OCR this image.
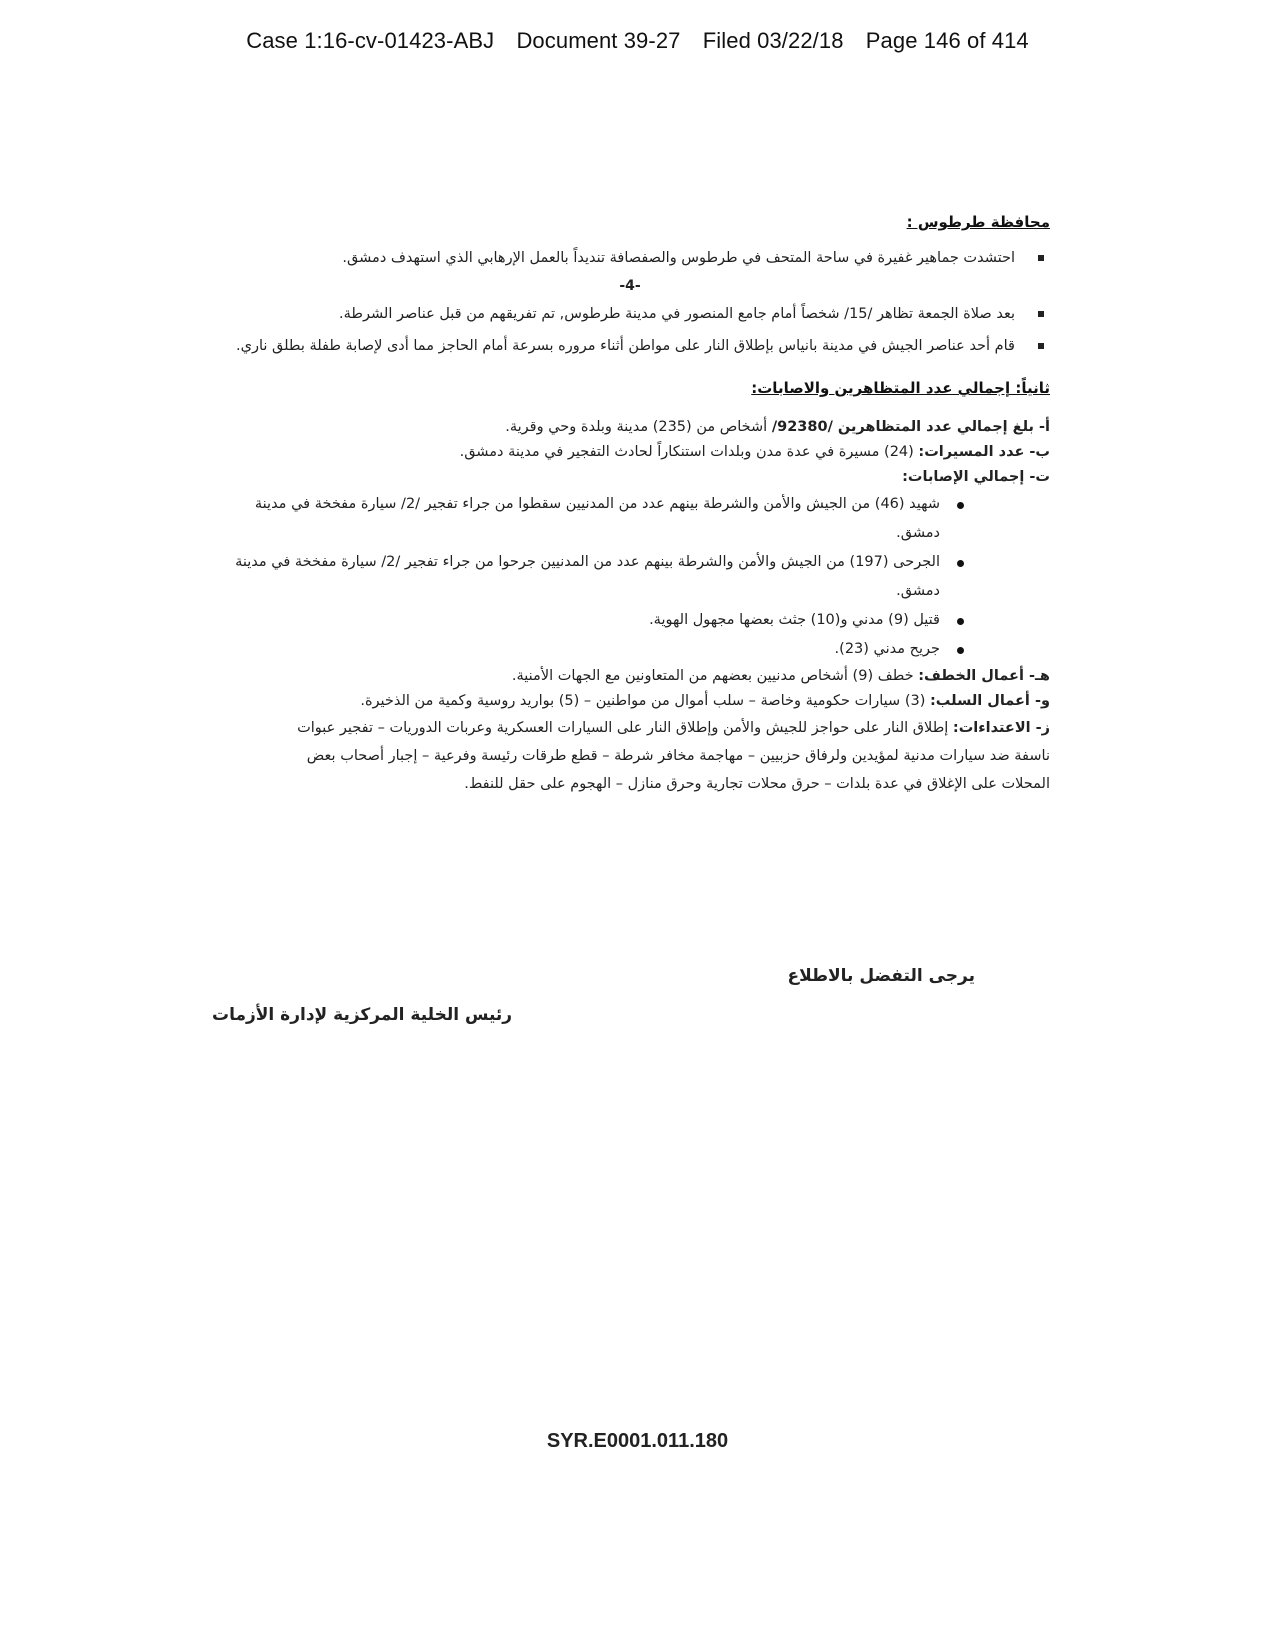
Case 1:16-cv-01423-ABJ Document 39-27 Filed 03/22/18 Page 146 of 414
محافظة طرطوس :
احتشدت جماهير غفيرة في ساحة المتحف في طرطوس والصفصافة تنديداً بالعمل الإرهابي الذي استهدف دمشق.
-4-
بعد صلاة الجمعة تظاهر /15/ شخصاً أمام جامع المنصور في مدينة طرطوس, تم تفريقهم من قبل عناصر الشرطة.
قام أحد عناصر الجيش في مدينة بانياس بإطلاق النار على مواطن أثناء مروره بسرعة أمام الحاجز مما أدى لإصابة طفلة بطلق ناري.
ثانياً: إجمالي عدد المتظاهرين والاصابات:
أ- بلغ إجمالي عدد المتظاهرين /92380/ أشخاص من (235) مدينة وبلدة وحي وقرية.
ب- عدد المسيرات: (24) مسيرة في عدة مدن وبلدات استنكاراً لحادث التفجير في مدينة دمشق.
ت- إجمالي الإصابات:
شهيد (46) من الجيش والأمن والشرطة بينهم عدد من المدنيين سقطوا من جراء تفجير /2/ سيارة مفخخة في مدينة دمشق.
الجرحى (197) من الجيش والأمن والشرطة بينهم عدد من المدنيين جرحوا من جراء تفجير /2/ سيارة مفخخة في مدينة دمشق.
قتيل (9) مدني و(10) جثث بعضها مجهول الهوية.
جريح مدني (23).
هـ- أعمال الخطف: خطف (9) أشخاص مدنيين بعضهم من المتعاونين مع الجهات الأمنية.
و- أعمال السلب: (3) سيارات حكومية وخاصة – سلب أموال من مواطنين – (5) بواريد روسية وكمية من الذخيرة.
ز- الاعتداءات: إطلاق النار على حواجز للجيش والأمن وإطلاق النار على السيارات العسكرية وعربات الدوريات – تفجير عبوات ناسفة ضد سيارات مدنية لمؤيدين ولرفاق حزبيين – مهاجمة مخافر شرطة – قطع طرقات رئيسة وفرعية – إجبار أصحاب بعض المحلات على الإغلاق في عدة بلدات – حرق محلات تجارية وحرق منازل – الهجوم على حقل للنفط.
يرجى التفضل بالاطلاع
رئيس الخلية المركزية لإدارة الأزمات
SYR.E0001.011.180
